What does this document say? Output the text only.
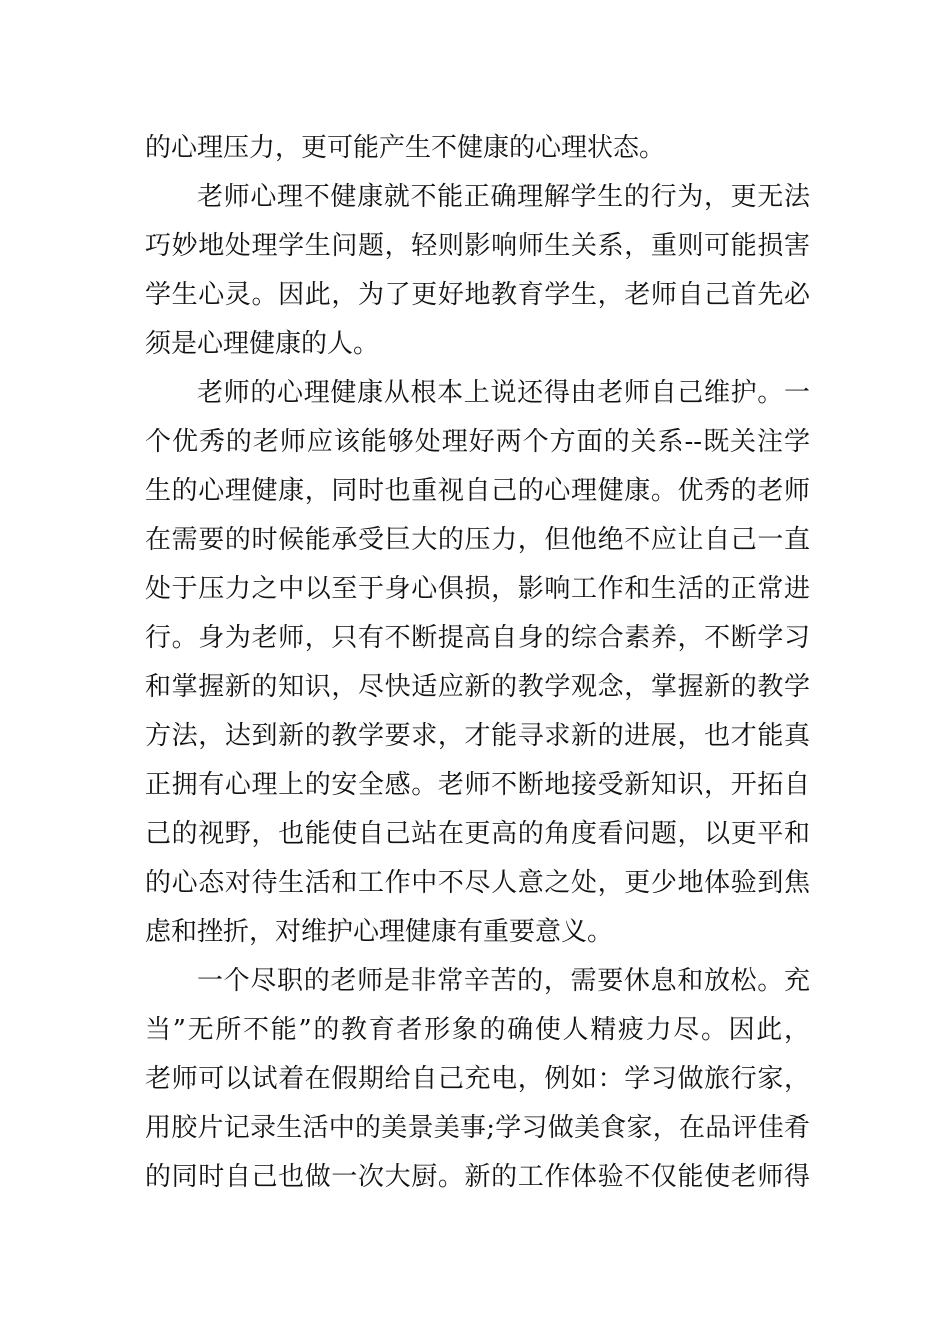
的心理压力，更可能产生不健康的心理状态。
老师心理不健康就不能正确理解学生的行为，更无法
巧妙地处理学生问题，轻则影响师生关系，重则可能损害
学生心灵。因此，为了更好地教育学生，老师自己首先必
须是心理健康的人。
老师的心理健康从根本上说还得由老师自己维护。一
个优秀的老师应该能够处理好两个方面的关系--既关注学
生的心理健康，同时也重视自己的心理健康。优秀的老师
在需要的时候能承受巨大的压力，但他绝不应让自己一直
处于压力之中以至于身心俱损，影响工作和生活的正常进
行。身为老师，只有不断提高自身的综合素养，不断学习
和掌握新的知识，尽快适应新的教学观念，掌握新的教学
方法，达到新的教学要求，才能寻求新的进展，也才能真
正拥有心理上的安全感。老师不断地接受新知识，开拓自
己的视野，也能使自己站在更高的角度看问题，以更平和
的心态对待生活和工作中不尽人意之处，更少地体验到焦
虑和挫折，对维护心理健康有重要意义。
一个尽职的老师是非常辛苦的，需要休息和放松。充
当”无所不能”的教育者形象的确使人精疲力尽。因此，
老师可以试着在假期给自己充电，例如：学习做旅行家，
用胶片记录生活中的美景美事;学习做美食家，在品评佳肴
的同时自己也做一次大厨。新的工作体验不仅能使老师得
